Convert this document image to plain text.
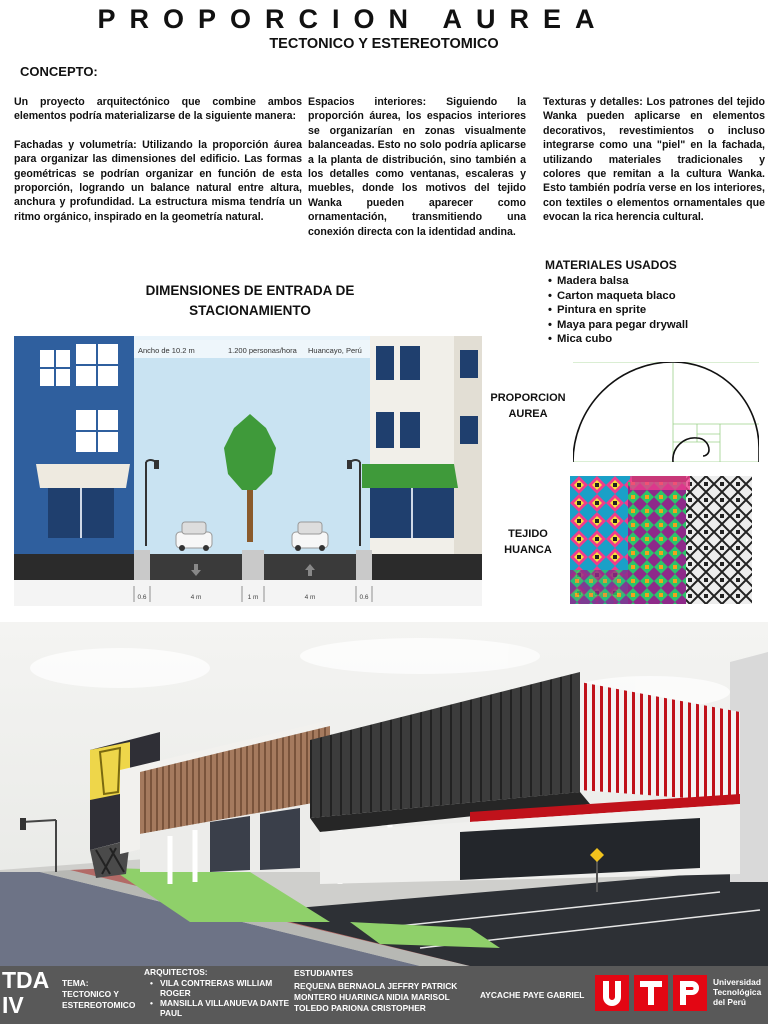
PROPORCION AUREA
TECTONICO Y ESTEREOTOMICO
CONCEPTO:

Un proyecto arquitectónico que combine ambos elementos podría materializarse de la siguiente manera:

Fachadas y volumetría: Utilizando la proporción áurea para organizar las dimensiones del edificio. Las formas geométricas se podrían organizar en función de esta proporción, logrando un balance natural entre altura, anchura y profundidad. La estructura misma tendría un ritmo orgánico, inspirado en la geometría natural.

Espacios interiores: Siguiendo la proporción áurea, los espacios interiores se organizarían en zonas visualmente balanceadas. Esto no solo podría aplicarse a la planta de distribución, sino también a los detalles como ventanas, escaleras y muebles, donde los motivos del tejido Wanka pueden aparecer como ornamentación, transmitiendo una conexión directa con la identidad andina.

Texturas y detalles: Los patrones del tejido Wanka pueden aplicarse en elementos decorativos, revestimientos o incluso integrarse como una "piel" en la fachada, utilizando materiales tradicionales y colores que remitan a la cultura Wanka. Esto también podría verse en los interiores, con textiles o elementos ornamentales que evocan la rica herencia cultural.

MATERIALES USADOS
• Madera balsa
• Carton maqueta blaco
• Pintura en sprite
• Maya para pegar drywall
• Mica cubo
DIMENSIONES DE ENTRADA DE STACIONAMIENTO
Ancho de 10.2 m	1.200 personas/hora Huancayo, Perú
0.6	4 m	1 m	4 m	0.6
PROPORCION AUREA
TEJIDO HUANCA
TDA
IV
TEMA:
TECTONICO Y
ESTEREOTOMICO
ARQUITECTOS:
• VILA CONTRERAS WILLIAM ROGER
• MANSILLA VILLANUEVA DANTE PAUL
ESTUDIANTES
REQUENA BERNAOLA JEFFRY PATRICK
MONTERO HUARINGA NIDIA MARISOL
TOLEDO PARIONA CRISTOPHER
AYCACHE PAYE GABRIEL
Universidad
Tecnológica
del Perú
